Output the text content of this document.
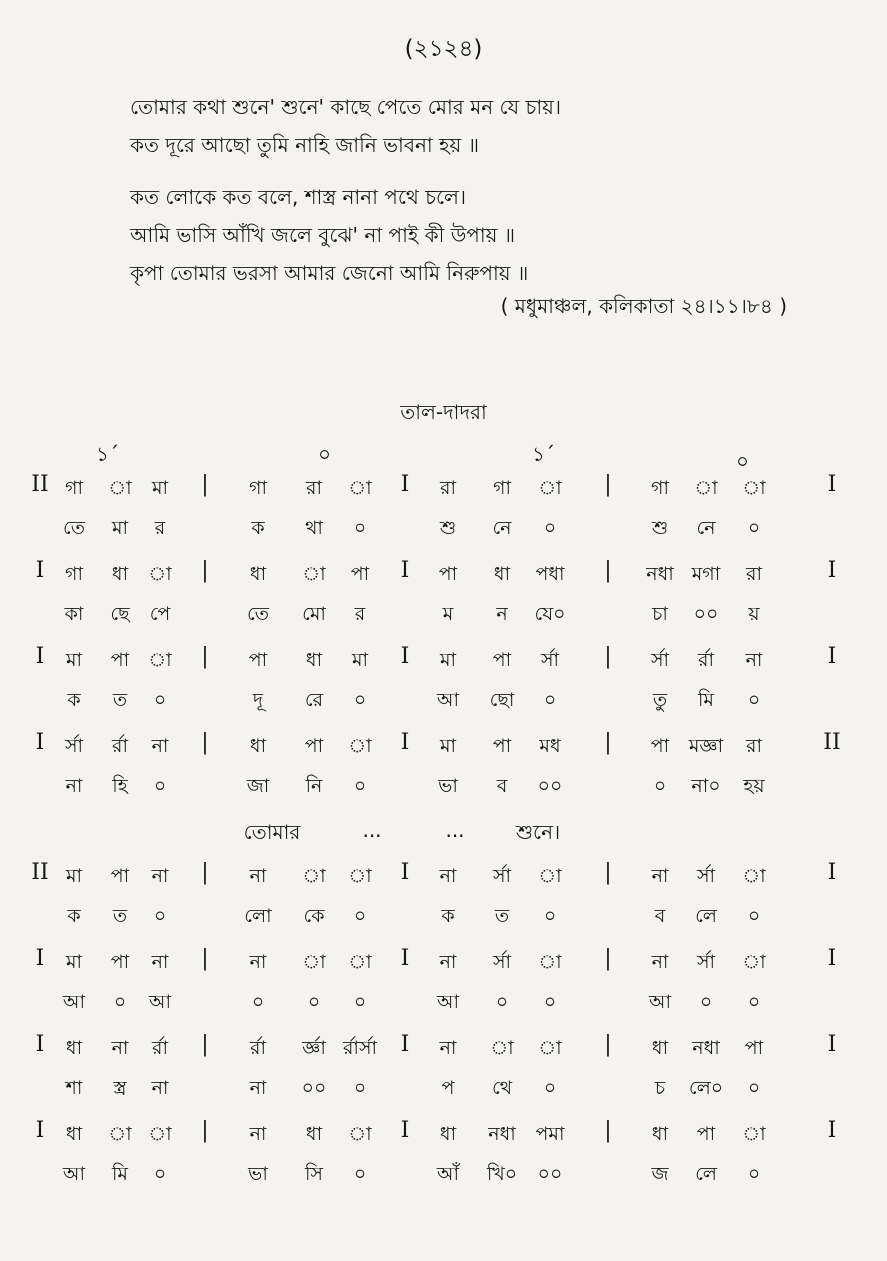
(২১২৪)
তোমার কথা শুনে' শুনে' কাছে পেতে মোর মন যে চায়।
কত দূরে আছো তুমি নাহি জানি ভাবনা হয় ॥
কত লোকে কত বলে, শাস্ত্র নানা পথে চলে।
আমি ভাসি আঁখি জলে বুঝে' না পাই কী উপায় ॥
কৃপা তোমার ভরসা আমার জেনো আমি নিরুপায় ॥
( মধুমাঞ্চল, কলিকাতা ২৪।১১।৮৪ )
তাল-দাদরা
১´	০	১´	০
II গা া মা | গা রা া I রা গা া | গা া া	I
তে মা র	ক থা ০	শু নে ০	শু নে ০
I গা ধা া | ধা া পা I পা ধা পধা | নধা মগা রা	I
কা ছে পে	তে মো র	ম ন যে০	চা ০০ য়
I মা পা া | পা ধা মা I মা পা র্সা | র্সা র্রা না	I
ক ত ০	দূ রে ০	আ ছো ০	তু মি ০
I র্সা র্রা না | ধা পা া I মা পা মধ | পা মজ্ঞা রা	II
না হি ০	জা নি ০	ভা ব ০০	০ না০ হয়
তোমার	...	...	শুনে।
II মা পা না | না া া I না র্সা া | না র্সা া	I
ক ত ০	লো কে ০	ক ত ০	ব লে ০
I মা পা না | না া া I না র্সা া | না র্সা া	I
আ ০ আ	০ ০ ০	আ ০ ০	আ ০ ০
I ধা না র্রা | র্রা র্জ্ঞা র্রার্সা I না া া | ধা নধা পা	I
শা স্ত্র না	না ০০ ০	প থে ০	চ লে০ ০
I ধা া া | না ধা া I ধা নধা পমা | ধা পা া	I
আ মি ০	ভা সি ০	আঁ খি০ ০০	জ লে ০
